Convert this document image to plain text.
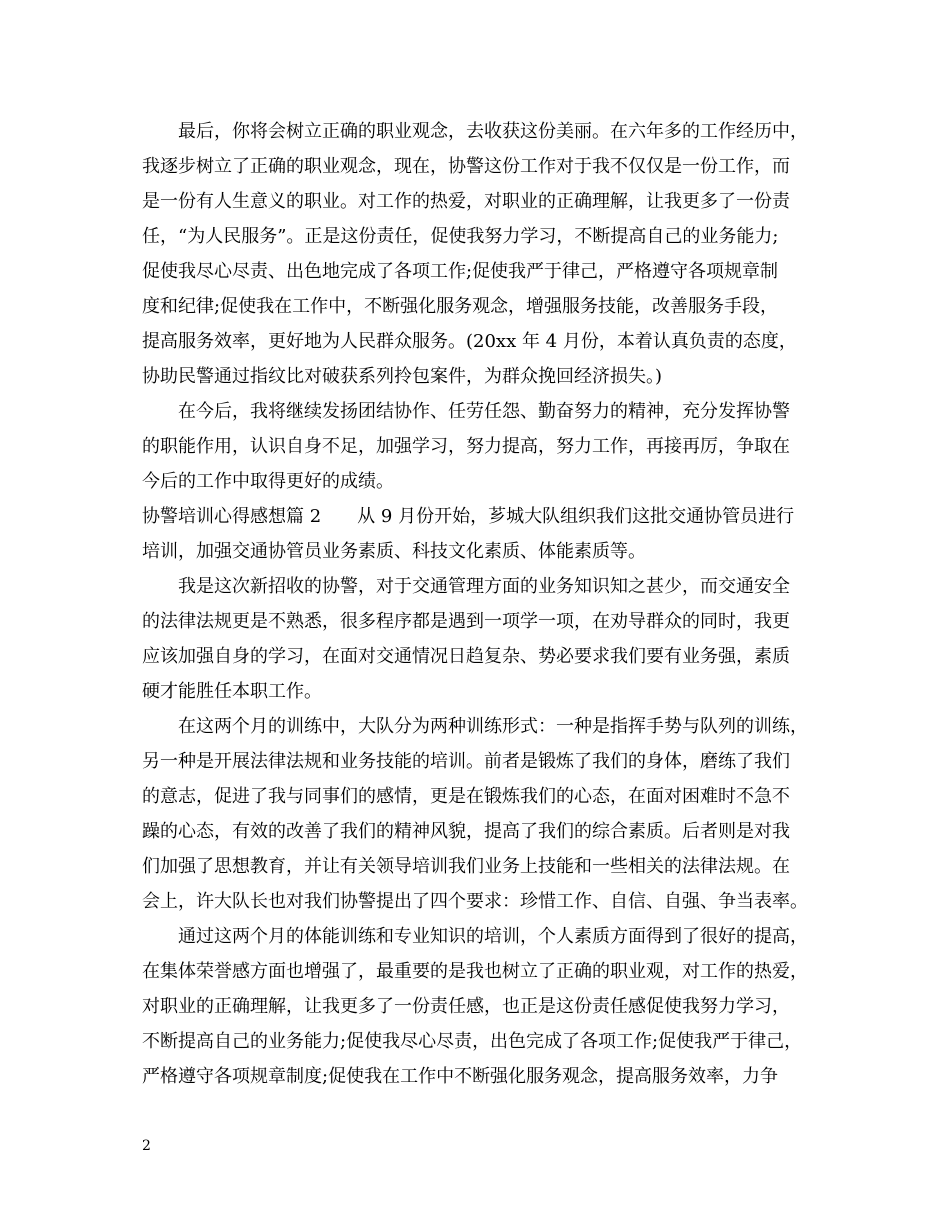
最后，你将会树立正确的职业观念，去收获这份美丽。在六年多的工作经历中，
我逐步树立了正确的职业观念，现在，协警这份工作对于我不仅仅是一份工作，而
是一份有人生意义的职业。对工作的热爱，对职业的正确理解，让我更多了一份责
任，“为人民服务”。正是这份责任，促使我努力学习，不断提高自己的业务能力;
促使我尽心尽责、出色地完成了各项工作;促使我严于律己，严格遵守各项规章制
度和纪律;促使我在工作中，不断强化服务观念，增强服务技能，改善服务手段，
提高服务效率，更好地为人民群众服务。(20xx 年 4 月份，本着认真负责的态度，
协助民警通过指纹比对破获系列拎包案件，为群众挽回经济损失。)
在今后，我将继续发扬团结协作、任劳任怨、勤奋努力的精神，充分发挥协警
的职能作用，认识自身不足，加强学习，努力提高，努力工作，再接再厉，争取在
今后的工作中取得更好的成绩。
协警培训心得感想篇 2　　从 9 月份开始，芗城大队组织我们这批交通协管员进行
培训，加强交通协管员业务素质、科技文化素质、体能素质等。
我是这次新招收的协警，对于交通管理方面的业务知识知之甚少，而交通安全
的法律法规更是不熟悉，很多程序都是遇到一项学一项，在劝导群众的同时，我更
应该加强自身的学习，在面对交通情况日趋复杂、势必要求我们要有业务强，素质
硬才能胜任本职工作。
在这两个月的训练中，大队分为两种训练形式：一种是指挥手势与队列的训练，
另一种是开展法律法规和业务技能的培训。前者是锻炼了我们的身体，磨练了我们
的意志，促进了我与同事们的感情，更是在锻炼我们的心态，在面对困难时不急不
躁的心态，有效的改善了我们的精神风貌，提高了我们的综合素质。后者则是对我
们加强了思想教育，并让有关领导培训我们业务上技能和一些相关的法律法规。在
会上，许大队长也对我们协警提出了四个要求：珍惜工作、自信、自强、争当表率。
通过这两个月的体能训练和专业知识的培训，个人素质方面得到了很好的提高，
在集体荣誉感方面也增强了，最重要的是我也树立了正确的职业观，对工作的热爱，
对职业的正确理解，让我更多了一份责任感，也正是这份责任感促使我努力学习，
不断提高自己的业务能力;促使我尽心尽责，出色完成了各项工作;促使我严于律己，
严格遵守各项规章制度;促使我在工作中不断强化服务观念，提高服务效率，力争
2
